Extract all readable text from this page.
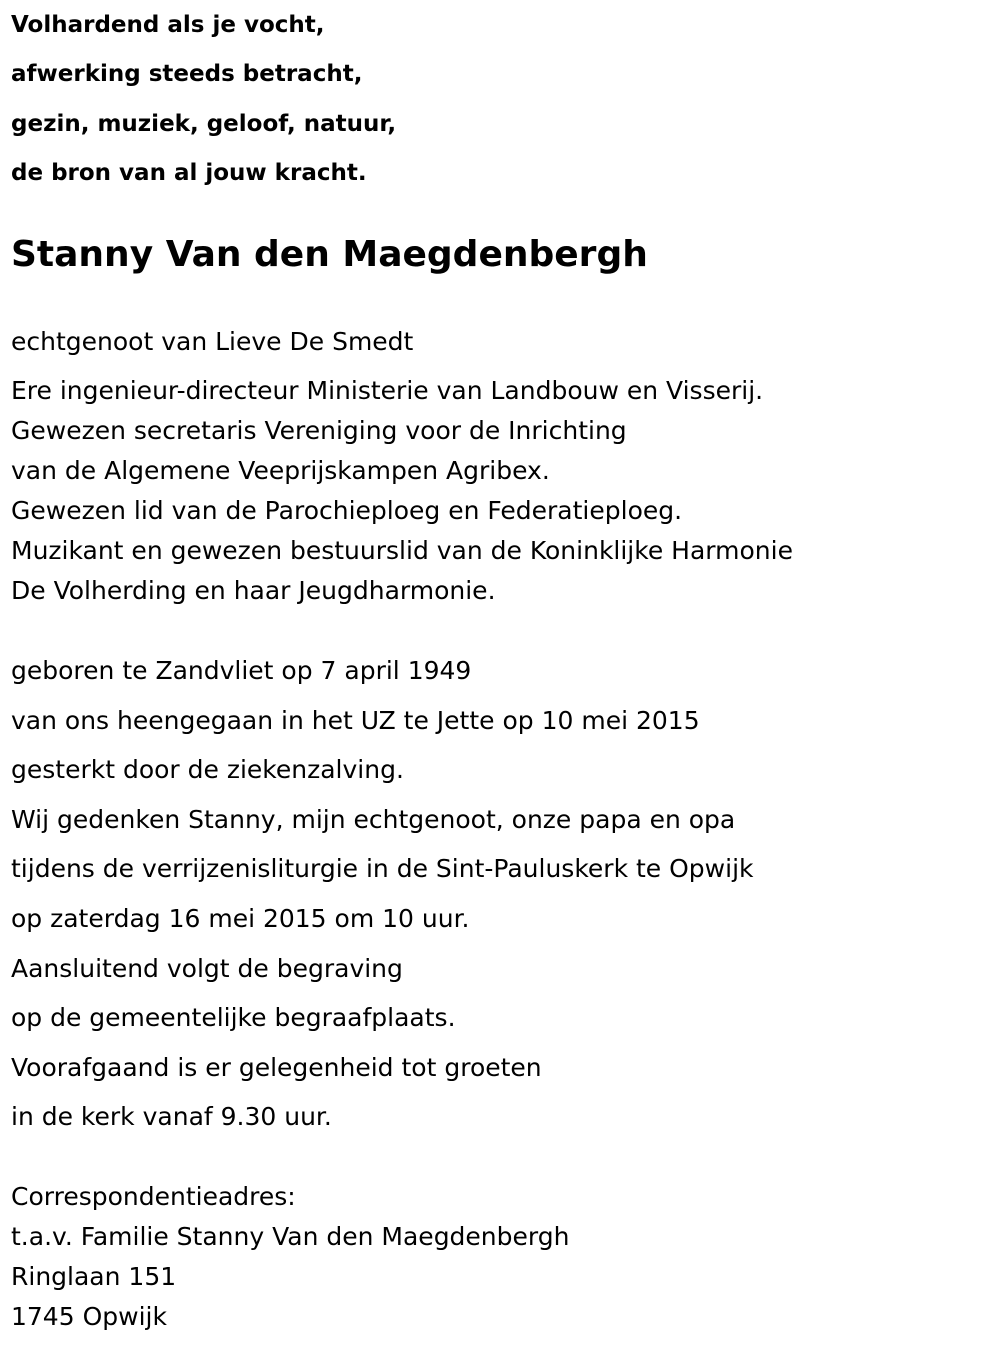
Volhardend als je vocht,
afwerking steeds betracht,
gezin, muziek, geloof, natuur,
de bron van al jouw kracht.
Stanny Van den Maegdenbergh
echtgenoot van Lieve De Smedt
Ere ingenieur-directeur Ministerie van Landbouw en Visserij.
Gewezen secretaris Vereniging voor de Inrichting
van de Algemene Veeprijskampen Agribex.
Gewezen lid van de Parochieploeg en Federatieploeg.
Muzikant en gewezen bestuurslid van de Koninklijke Harmonie
De Volherding en haar Jeugdharmonie.
geboren te Zandvliet op 7 april 1949
van ons heengegaan in het UZ te Jette op 10 mei 2015
gesterkt door de ziekenzalving.
Wij gedenken Stanny, mijn echtgenoot, onze papa en opa
tijdens de verrijzenisliturgie in de Sint-Pauluskerk te Opwijk
op zaterdag 16 mei 2015 om 10 uur.
Aansluitend volgt de begraving
op de gemeentelijke begraafplaats.
Voorafgaand is er gelegenheid tot groeten
in de kerk vanaf 9.30 uur.
Correspondentieadres:
t.a.v. Familie Stanny Van den Maegdenbergh
Ringlaan 151
1745 Opwijk
